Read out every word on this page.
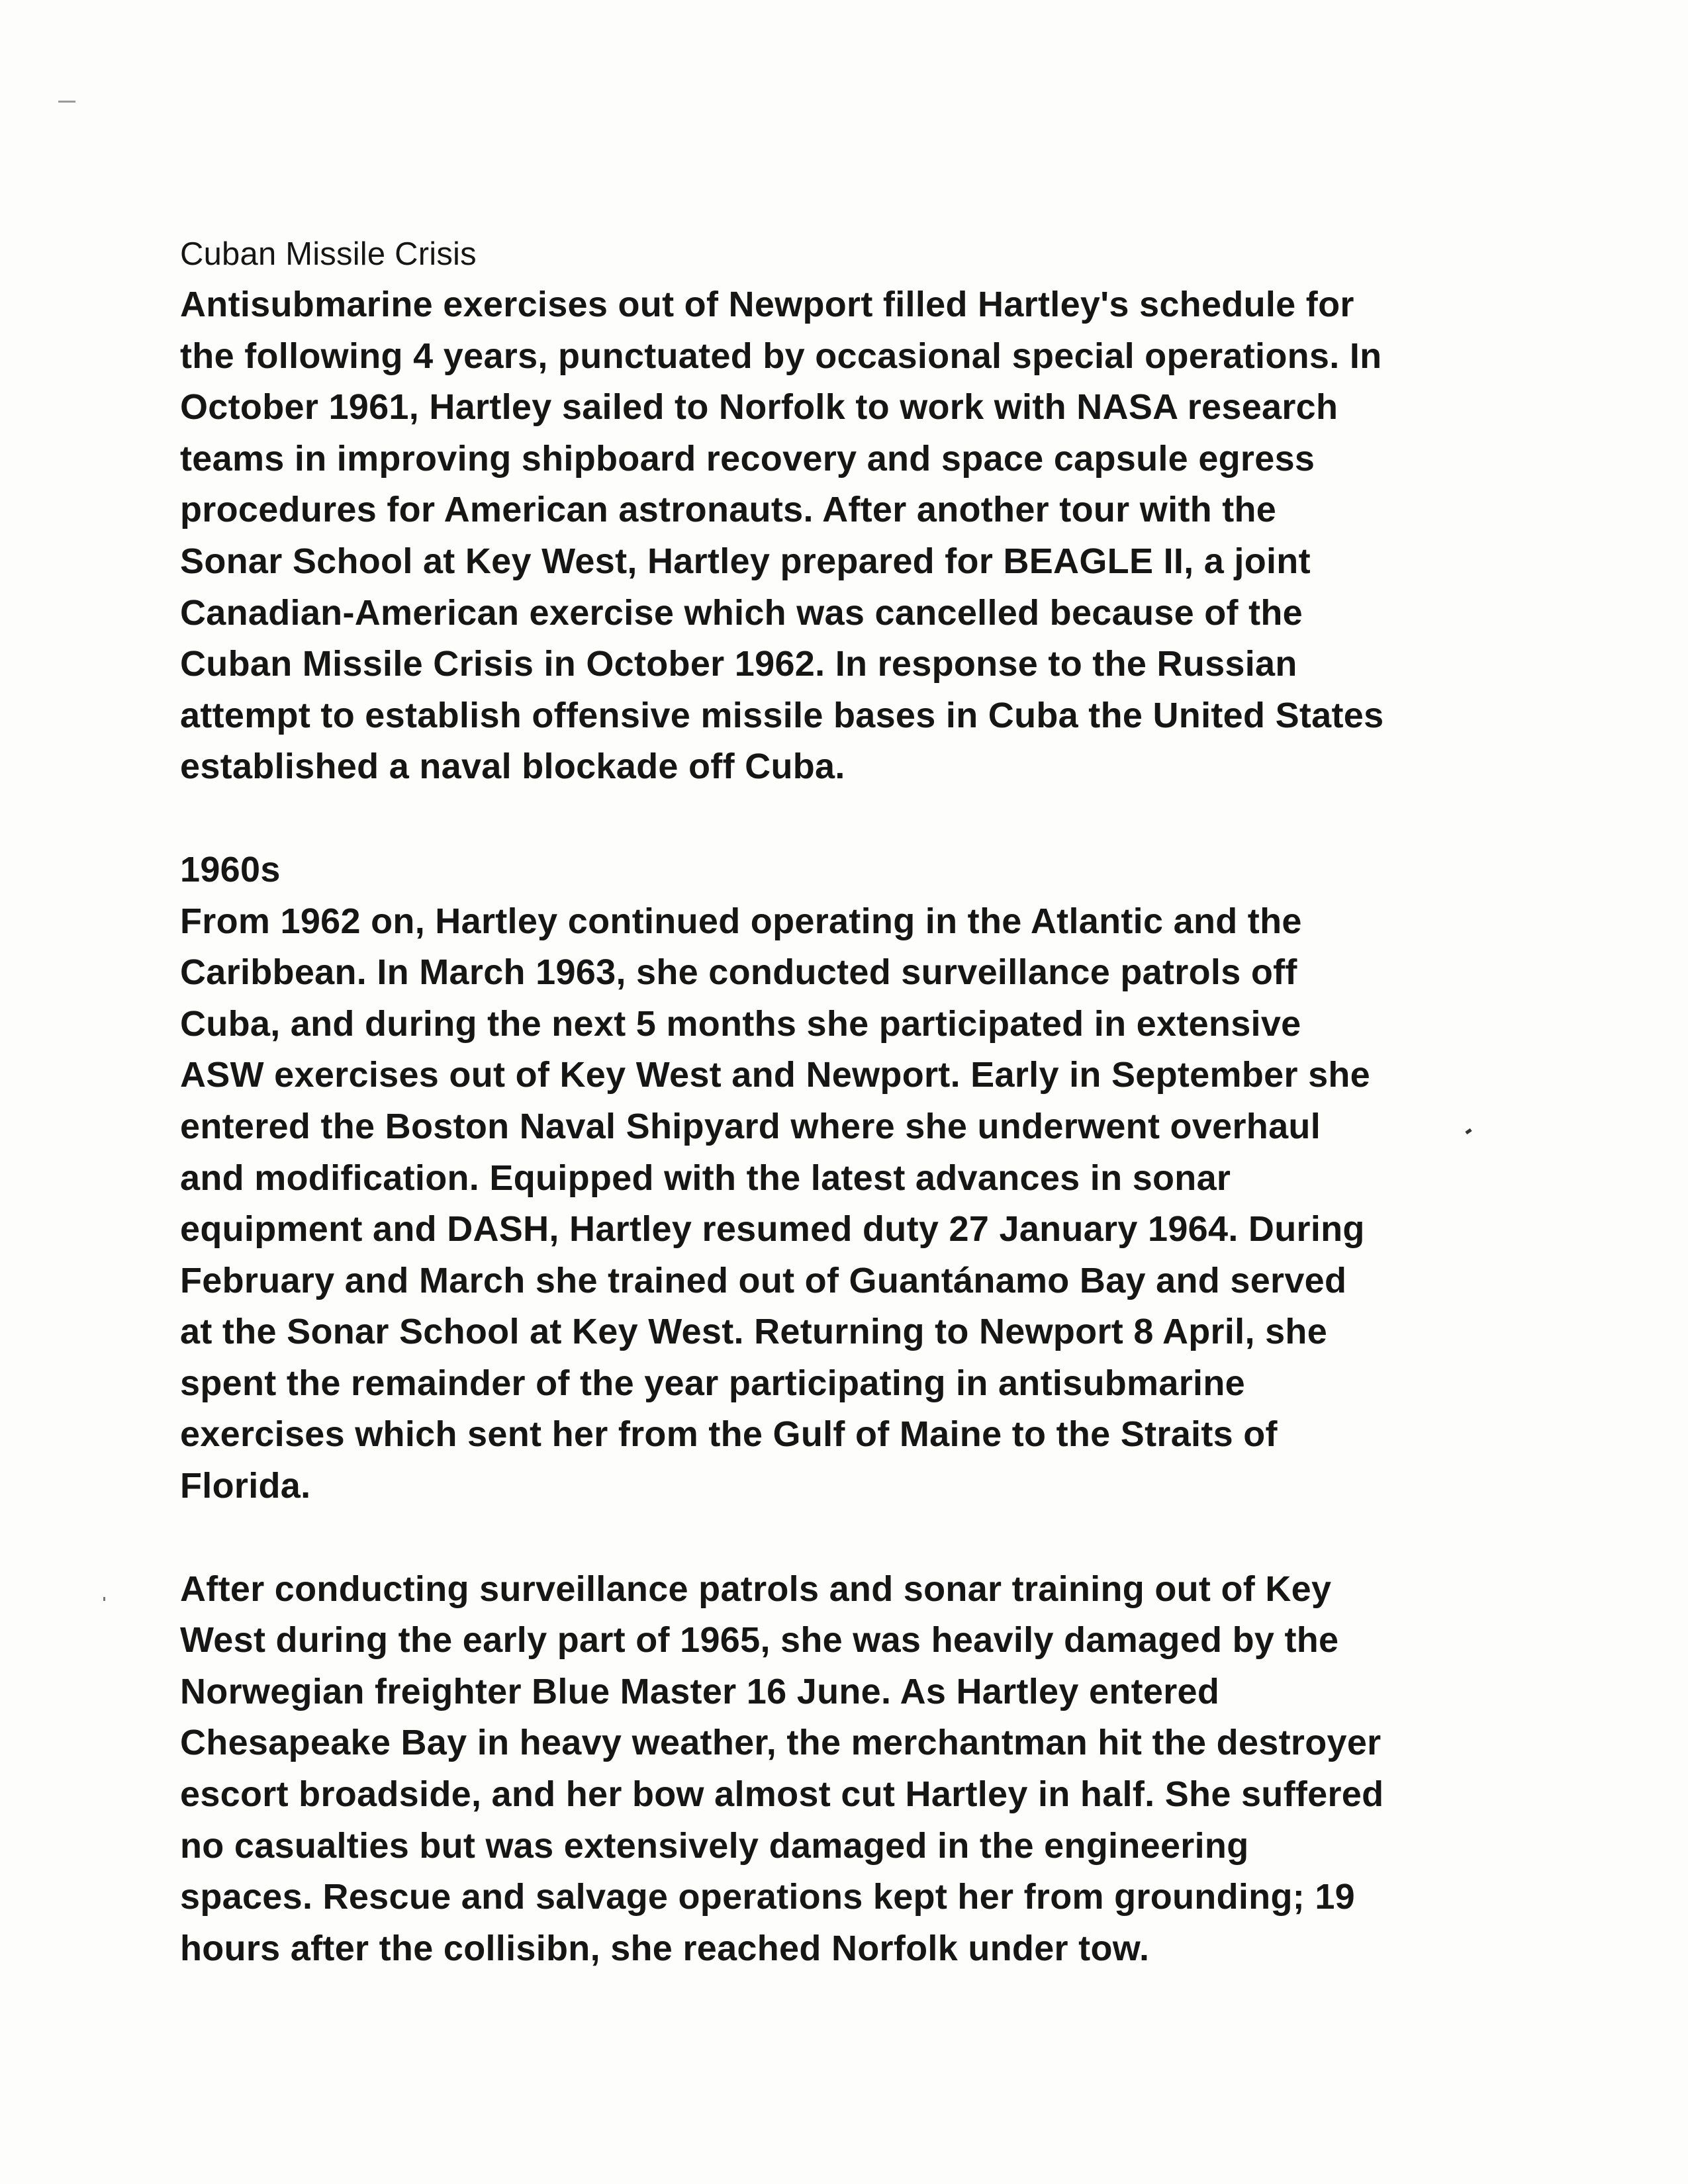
Cuban Missile Crisis
Antisubmarine exercises out of Newport filled Hartley's schedule for
the following 4 years, punctuated by occasional special operations. In
October 1961, Hartley sailed to Norfolk to work with NASA research
teams in improving shipboard recovery and space capsule egress
procedures for American astronauts. After another tour with the
Sonar School at Key West, Hartley prepared for BEAGLE II, a joint
Canadian-American exercise which was cancelled because of the
Cuban Missile Crisis in October 1962. In response to the Russian
attempt to establish offensive missile bases in Cuba the United States
established a naval blockade off Cuba.
1960s
From 1962 on, Hartley continued operating in the Atlantic and the
Caribbean. In March 1963, she conducted surveillance patrols off
Cuba, and during the next 5 months she participated in extensive
ASW exercises out of Key West and Newport. Early in September she
entered the Boston Naval Shipyard where she underwent overhaul
and modification. Equipped with the latest advances in sonar
equipment and DASH, Hartley resumed duty 27 January 1964. During
February and March she trained out of Guantánamo Bay and served
at the Sonar School at Key West. Returning to Newport 8 April, she
spent the remainder of the year participating in antisubmarine
exercises which sent her from the Gulf of Maine to the Straits of
Florida.
After conducting surveillance patrols and sonar training out of Key
West during the early part of 1965, she was heavily damaged by the
Norwegian freighter Blue Master 16 June. As Hartley entered
Chesapeake Bay in heavy weather, the merchantman hit the destroyer
escort broadside, and her bow almost cut Hartley in half. She suffered
no casualties but was extensively damaged in the engineering
spaces. Rescue and salvage operations kept her from grounding; 19
hours after the collisibn, she reached Norfolk under tow.
